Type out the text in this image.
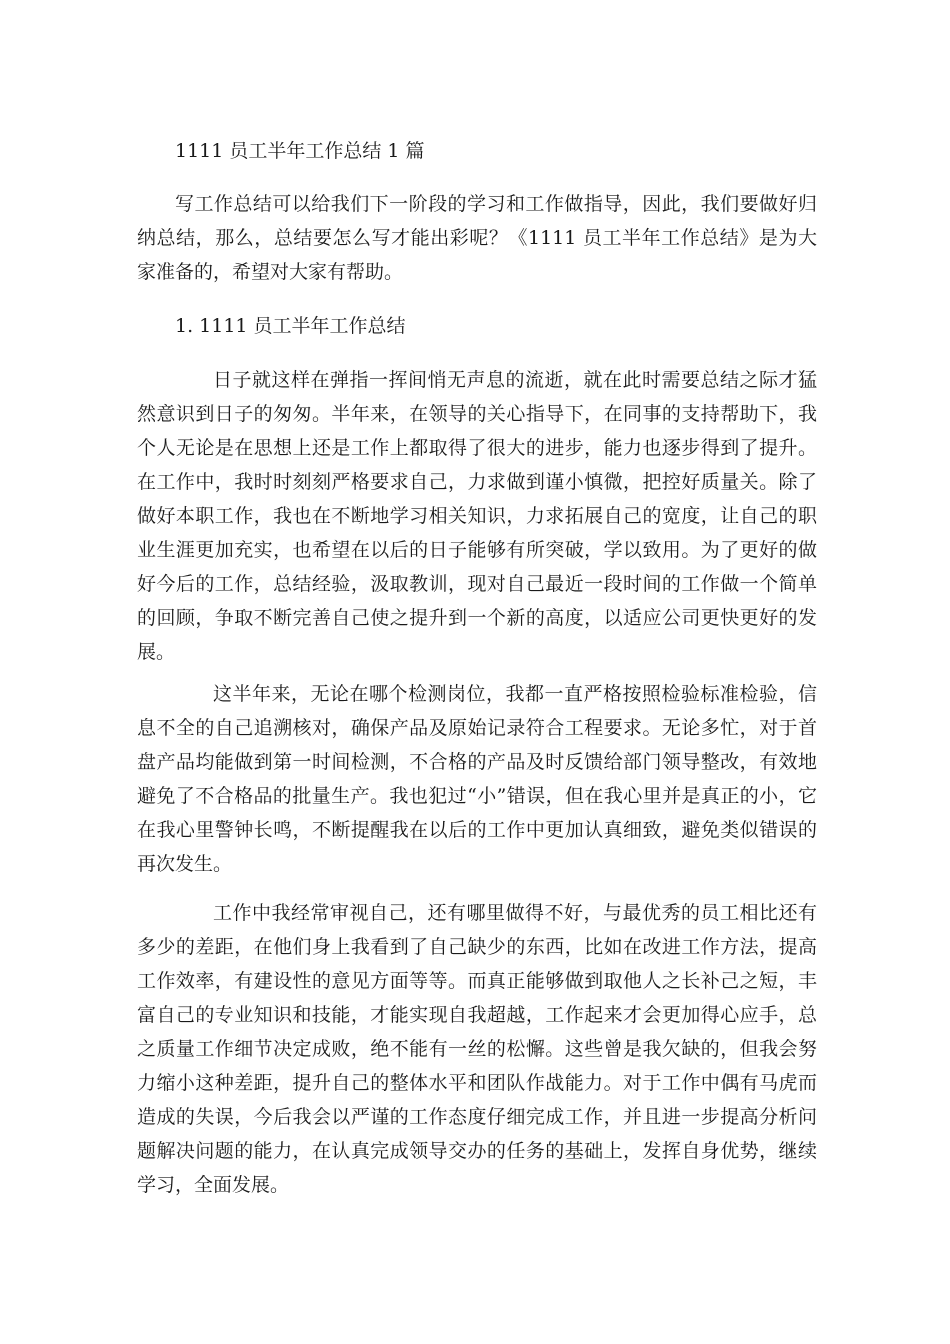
1111 员工半年工作总结 1 篇

写工作总结可以给我们下一阶段的学习和工作做指导，因此，我们要做好归纳总结，那么，总结要怎么写才能出彩呢？《1111 员工半年工作总结》是为大家准备的，希望对大家有帮助。

1. 1111 员工半年工作总结

日子就这样在弹指一挥间悄无声息的流逝，就在此时需要总结之际才猛然意识到日子的匆匆。半年来，在领导的关心指导下，在同事的支持帮助下，我个人无论是在思想上还是工作上都取得了很大的进步，能力也逐步得到了提升。在工作中，我时时刻刻严格要求自己，力求做到谨小慎微，把控好质量关。除了做好本职工作，我也在不断地学习相关知识，力求拓展自己的宽度，让自己的职业生涯更加充实，也希望在以后的日子能够有所突破，学以致用。为了更好的做好今后的工作，总结经验，汲取教训，现对自己最近一段时间的工作做一个简单的回顾，争取不断完善自己使之提升到一个新的高度，以适应公司更快更好的发展。

这半年来，无论在哪个检测岗位，我都一直严格按照检验标准检验，信息不全的自己追溯核对，确保产品及原始记录符合工程要求。无论多忙，对于首盘产品均能做到第一时间检测，不合格的产品及时反馈给部门领导整改，有效地避免了不合格品的批量生产。我也犯过“小”错误，但在我心里并是真正的小，它在我心里警钟长鸣，不断提醒我在以后的工作中更加认真细致，避免类似错误的再次发生。

工作中我经常审视自己，还有哪里做得不好，与最优秀的员工相比还有多少的差距，在他们身上我看到了自己缺少的东西，比如在改进工作方法，提高工作效率，有建设性的意见方面等等。而真正能够做到取他人之长补己之短，丰富自己的专业知识和技能，才能实现自我超越，工作起来才会更加得心应手，总之质量工作细节决定成败，绝不能有一丝的松懈。这些曾是我欠缺的，但我会努力缩小这种差距，提升自己的整体水平和团队作战能力。对于工作中偶有马虎而造成的失误，今后我会以严谨的工作态度仔细完成工作，并且进一步提高分析问题解决问题的能力，在认真完成领导交办的任务的基础上，发挥自身优势，继续学习，全面发展。
